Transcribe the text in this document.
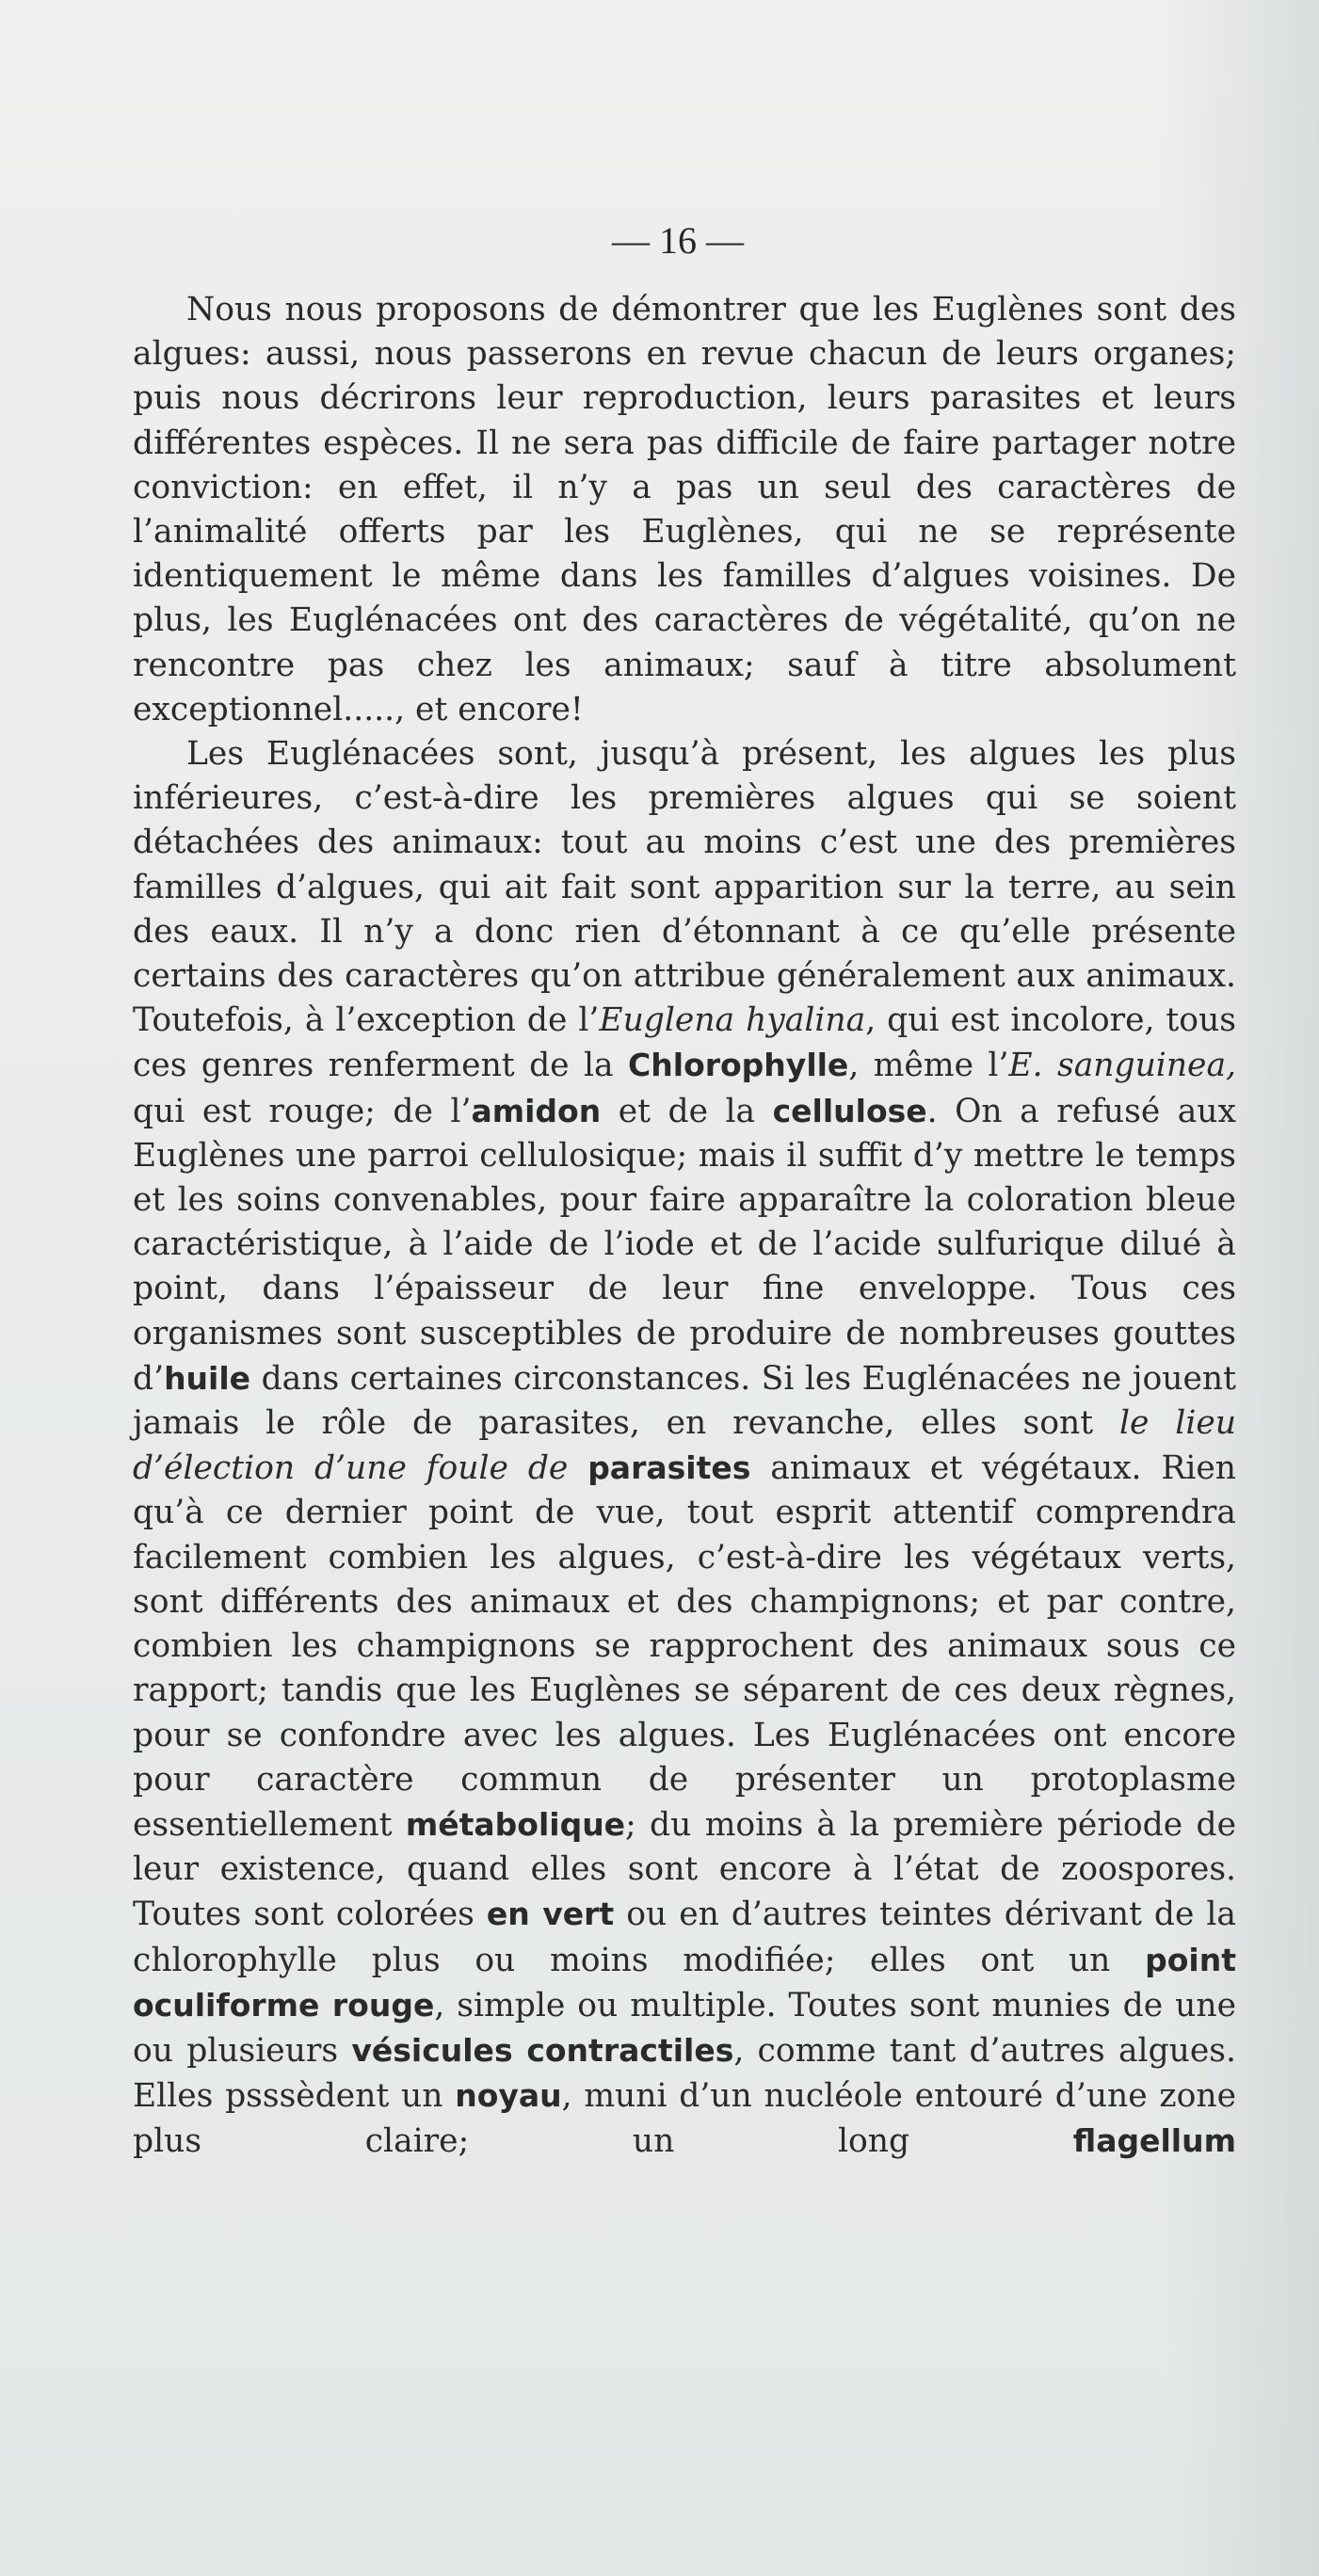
— 16 —

Nous nous proposons de démontrer que les Euglènes sont des algues: aussi, nous passerons en revue chacun de leurs organes; puis nous décrirons leur reproduction, leurs parasites et leurs différentes espèces. Il ne sera pas difficile de faire partager notre conviction: en effet, il n’y a pas un seul des caractères de l’animalité offerts par les Euglènes, qui ne se représente identiquement le même dans les familles d’algues voisines. De plus, les Euglénacées ont des caractères de végétalité, qu’on ne rencontre pas chez les animaux; sauf à titre absolument exceptionnel....., et encore!

Les Euglénacées sont, jusqu’à présent, les algues les plus inférieures, c’est-à-dire les premières algues qui se soient détachées des animaux: tout au moins c’est une des premières familles d’algues, qui ait fait sont apparition sur la terre, au sein des eaux. Il n’y a donc rien d’étonnant à ce qu’elle présente certains des caractères qu’on attribue généralement aux animaux. Toutefois, à l’exception de l’Euglena hyalina, qui est incolore, tous ces genres renferment de la Chlorophylle, même l’E. sanguinea, qui est rouge; de l’amidon et de la cellulose. On a refusé aux Euglènes une parroi cellulosique; mais il suffit d’y mettre le temps et les soins convenables, pour faire apparaître la coloration bleue caractéristique, à l’aide de l’iode et de l’acide sulfurique dilué à point, dans l’épaisseur de leur fine enveloppe. Tous ces organismes sont susceptibles de produire de nombreuses gouttes d’huile dans certaines circonstances. Si les Euglénacées ne jouent jamais le rôle de parasites, en revanche, elles sont le lieu d’élection d’une foule de parasites animaux et végétaux. Rien qu’à ce dernier point de vue, tout esprit attentif comprendra facilement combien les algues, c’est-à-dire les végétaux verts, sont différents des animaux et des champignons; et par contre, combien les champignons se rapprochent des animaux sous ce rapport; tandis que les Euglènes se séparent de ces deux règnes, pour se confondre avec les algues. Les Euglénacées ont encore pour caractère commun de présenter un protoplasme essentiellement métabolique; du moins à la première période de leur existence, quand elles sont encore à l’état de zoospores. Toutes sont colorées en vert ou en d’autres teintes dérivant de la chlorophylle plus ou moins modifiée; elles ont un point oculiforme rouge, simple ou multiple. Toutes sont munies de une ou plusieurs vésicules contractiles, comme tant d’autres algues. Elles psssèdent un noyau, muni d’un nucléole entouré d’une zone plus claire; un long flagellum
